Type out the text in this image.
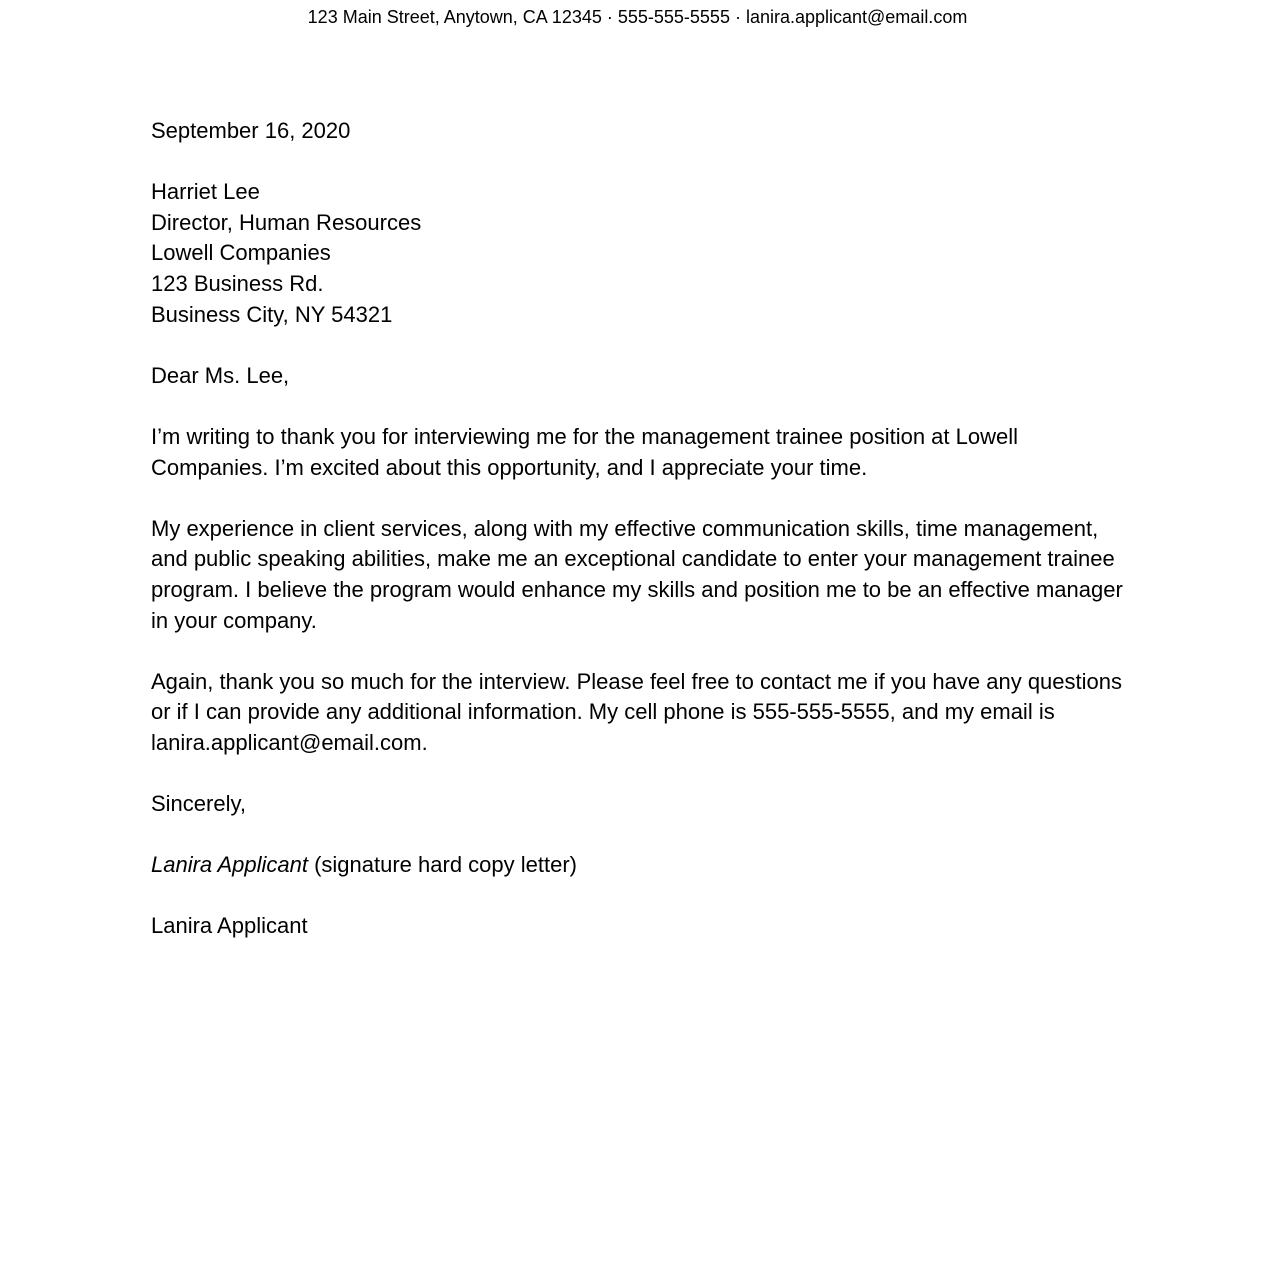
123 Main Street, Anytown, CA 12345 · 555-555-5555 · lanira.applicant@email.com
September 16, 2020
Harriet Lee
Director, Human Resources
Lowell Companies
123 Business Rd.
Business City, NY 54321
Dear Ms. Lee,

I’m writing to thank you for interviewing me for the management trainee position at Lowell Companies. I’m excited about this opportunity, and I appreciate your time.

My experience in client services, along with my effective communication skills, time management, and public speaking abilities, make me an exceptional candidate to enter your management trainee program. I believe the program would enhance my skills and position me to be an effective manager in your company.

Again, thank you so much for the interview. Please feel free to contact me if you have any questions or if I can provide any additional information. My cell phone is 555-555-5555, and my email is lanira.applicant@email.com.

Sincerely,
Lanira Applicant (signature hard copy letter)
Lanira Applicant
